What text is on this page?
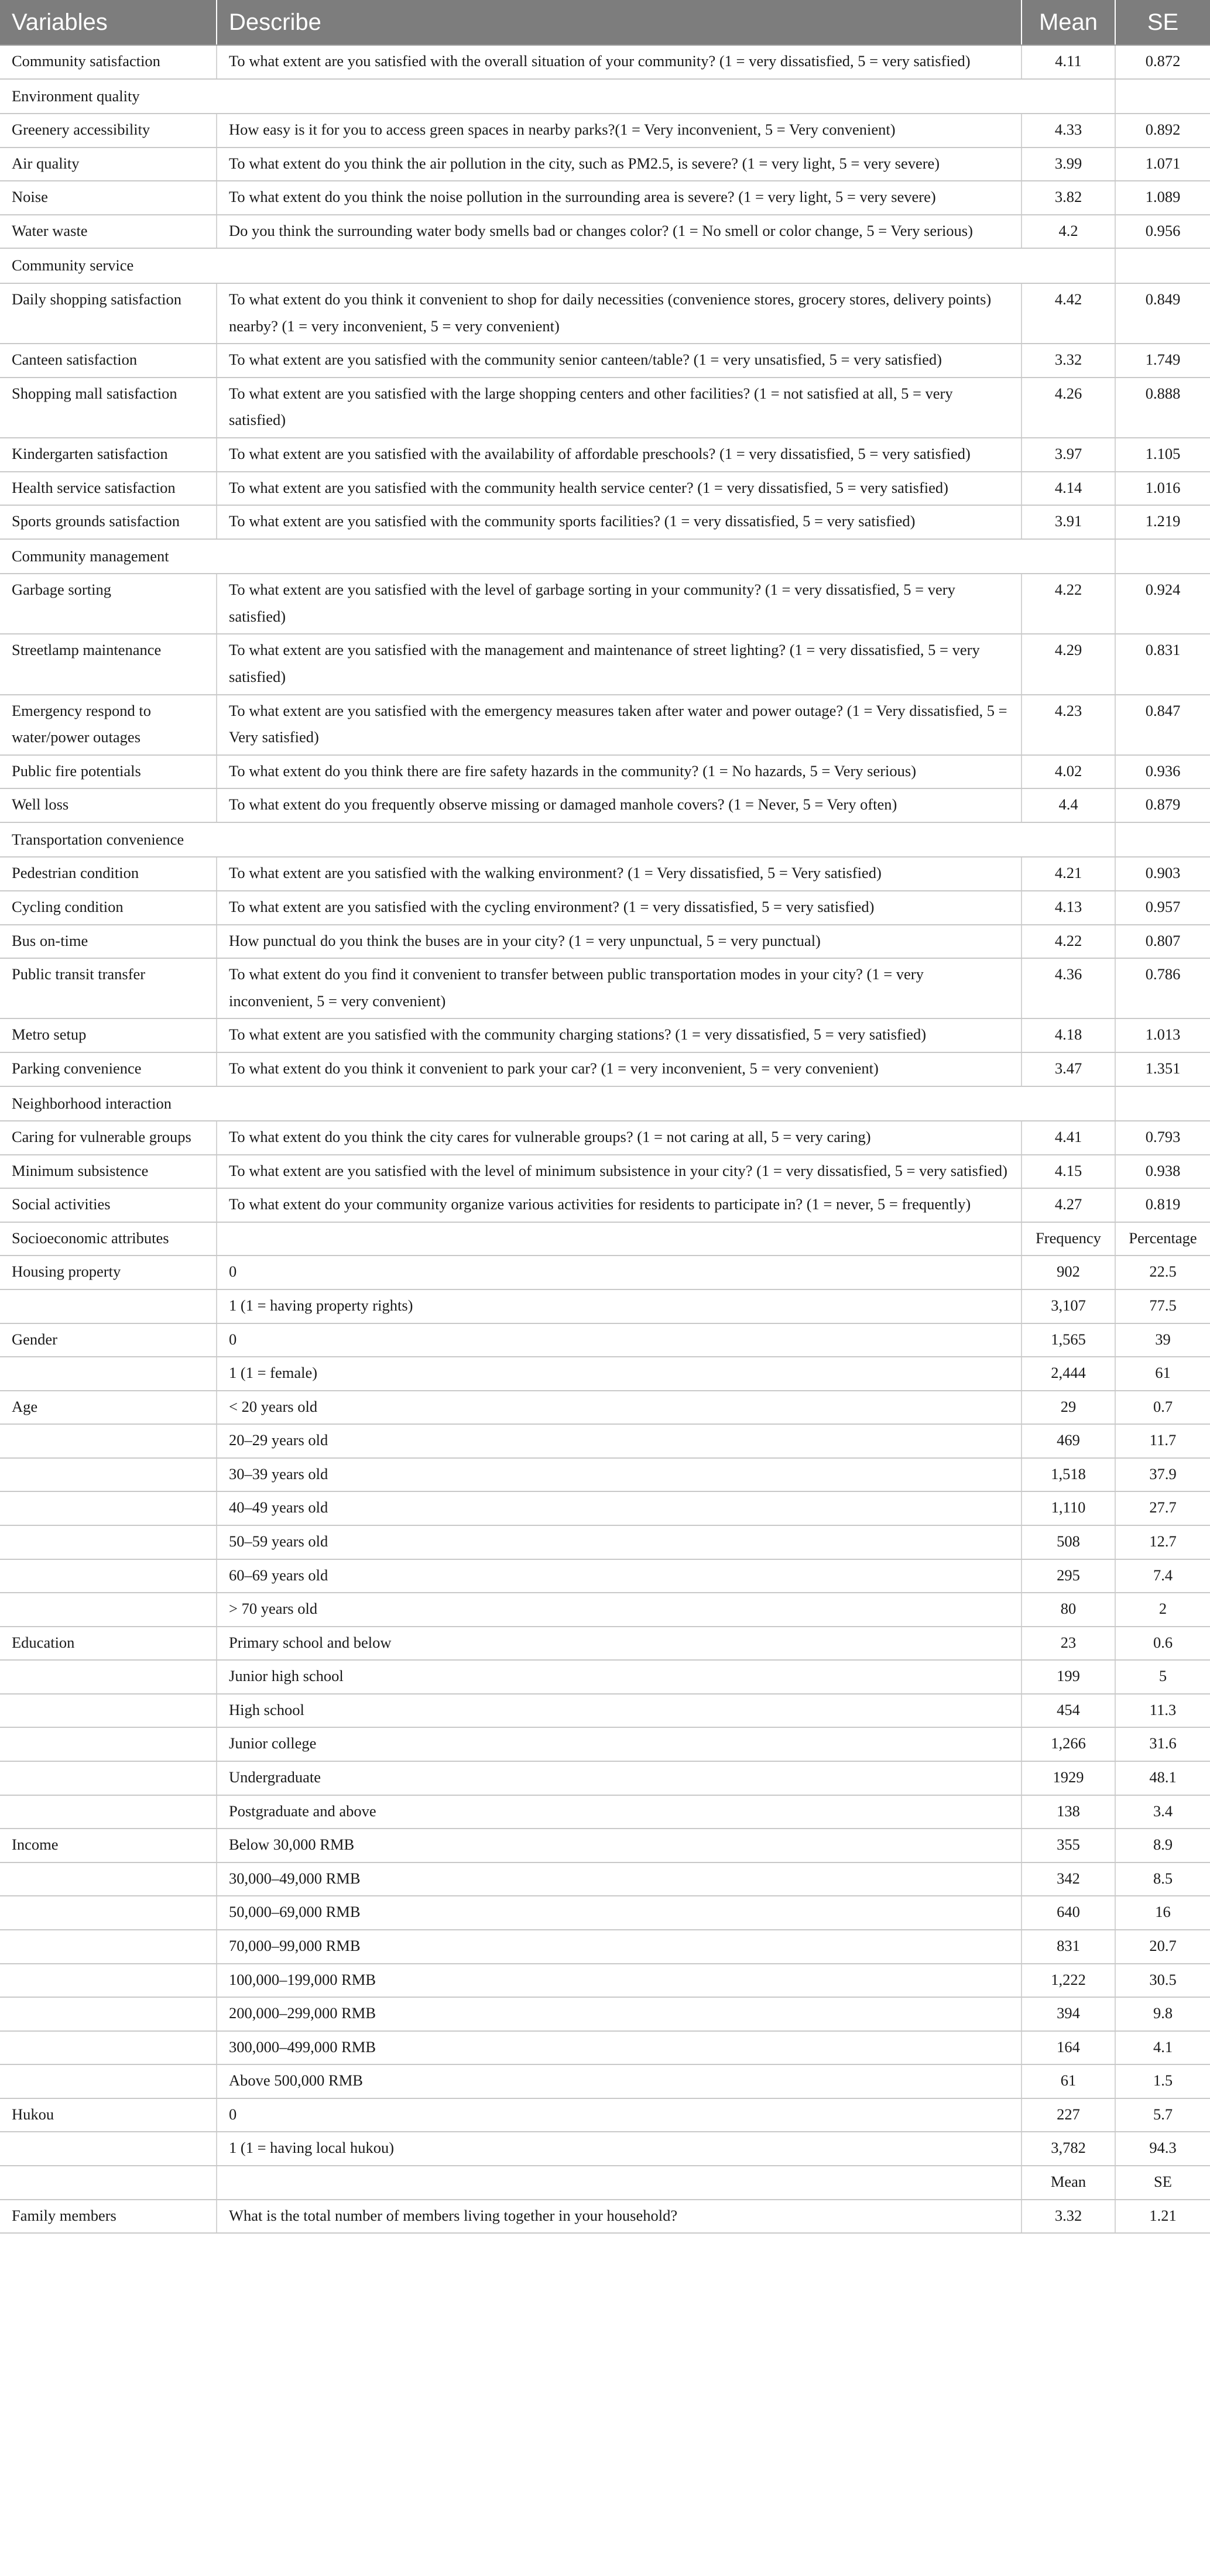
Variables	Describe	Mean	SE
Community satisfaction	To what extent are you satisfied with the overall situation of your community? (1 = very dissatisfied, 5 = very satisfied)	4.11	0.872
Environment quality			
Greenery accessibility	How easy is it for you to access green spaces in nearby parks?(1 = Very inconvenient, 5 = Very convenient)	4.33	0.892
Air quality	To what extent do you think the air pollution in the city, such as PM2.5, is severe? (1 = very light, 5 = very severe)	3.99	1.071
Noise	To what extent do you think the noise pollution in the surrounding area is severe? (1 = very light, 5 = very severe)	3.82	1.089
Water waste	Do you think the surrounding water body smells bad or changes color? (1 = No smell or color change, 5 = Very serious)	4.2	0.956
Community service			
Daily shopping satisfaction	To what extent do you think it convenient to shop for daily necessities (convenience stores, grocery stores, delivery points) nearby? (1 = very inconvenient, 5 = very convenient)	4.42	0.849
Canteen satisfaction	To what extent are you satisfied with the community senior canteen/table? (1 = very unsatisfied, 5 = very satisfied)	3.32	1.749
Shopping mall satisfaction	To what extent are you satisfied with the large shopping centers and other facilities? (1 = not satisfied at all, 5 = very satisfied)	4.26	0.888
Kindergarten satisfaction	To what extent are you satisfied with the availability of affordable preschools? (1 = very dissatisfied, 5 = very satisfied)	3.97	1.105
Health service satisfaction	To what extent are you satisfied with the community health service center? (1 = very dissatisfied, 5 = very satisfied)	4.14	1.016
Sports grounds satisfaction	To what extent are you satisfied with the community sports facilities? (1 = very dissatisfied, 5 = very satisfied)	3.91	1.219
Community management			
Garbage sorting	To what extent are you satisfied with the level of garbage sorting in your community? (1 = very dissatisfied, 5 = very satisfied)	4.22	0.924
Streetlamp maintenance	To what extent are you satisfied with the management and maintenance of street lighting? (1 = very dissatisfied, 5 = very satisfied)	4.29	0.831
Emergency respond to water/power outages	To what extent are you satisfied with the emergency measures taken after water and power outage? (1 = Very dissatisfied, 5 = Very satisfied)	4.23	0.847
Public fire potentials	To what extent do you think there are fire safety hazards in the community? (1 = No hazards, 5 = Very serious)	4.02	0.936
Well loss	To what extent do you frequently observe missing or damaged manhole covers? (1 = Never, 5 = Very often)	4.4	0.879
Transportation convenience			
Pedestrian condition	To what extent are you satisfied with the walking environment? (1 = Very dissatisfied, 5 = Very satisfied)	4.21	0.903
Cycling condition	To what extent are you satisfied with the cycling environment? (1 = very dissatisfied, 5 = very satisfied)	4.13	0.957
Bus on-time	How punctual do you think the buses are in your city? (1 = very unpunctual, 5 = very punctual)	4.22	0.807
Public transit transfer	To what extent do you find it convenient to transfer between public transportation modes in your city? (1 = very inconvenient, 5 = very convenient)	4.36	0.786
Metro setup	To what extent are you satisfied with the community charging stations? (1 = very dissatisfied, 5 = very satisfied)	4.18	1.013
Parking convenience	To what extent do you think it convenient to park your car? (1 = very inconvenient, 5 = very convenient)	3.47	1.351
Neighborhood interaction			
Caring for vulnerable groups	To what extent do you think the city cares for vulnerable groups? (1 = not caring at all, 5 = very caring)	4.41	0.793
Minimum subsistence	To what extent are you satisfied with the level of minimum subsistence in your city? (1 = very dissatisfied, 5 = very satisfied)	4.15	0.938
Social activities	To what extent do your community organize various activities for residents to participate in? (1 = never, 5 = frequently)	4.27	0.819
Socioeconomic attributes		Frequency	Percentage
Housing property	0	902	22.5
	1 (1 = having property rights)	3,107	77.5
Gender	0	1,565	39
	1 (1 = female)	2,444	61
Age	< 20 years old	29	0.7
	20–29 years old	469	11.7
	30–39 years old	1,518	37.9
	40–49 years old	1,110	27.7
	50–59 years old	508	12.7
	60–69 years old	295	7.4
	> 70 years old	80	2
Education	Primary school and below	23	0.6
	Junior high school	199	5
	High school	454	11.3
	Junior college	1,266	31.6
	Undergraduate	1929	48.1
	Postgraduate and above	138	3.4
Income	Below 30,000 RMB	355	8.9
	30,000–49,000 RMB	342	8.5
	50,000–69,000 RMB	640	16
	70,000–99,000 RMB	831	20.7
	100,000–199,000 RMB	1,222	30.5
	200,000–299,000 RMB	394	9.8
	300,000–499,000 RMB	164	4.1
	Above 500,000 RMB	61	1.5
Hukou	0	227	5.7
	1 (1 = having local hukou)	3,782	94.3
		Mean	SE
Family members	What is the total number of members living together in your household?	3.32	1.21
